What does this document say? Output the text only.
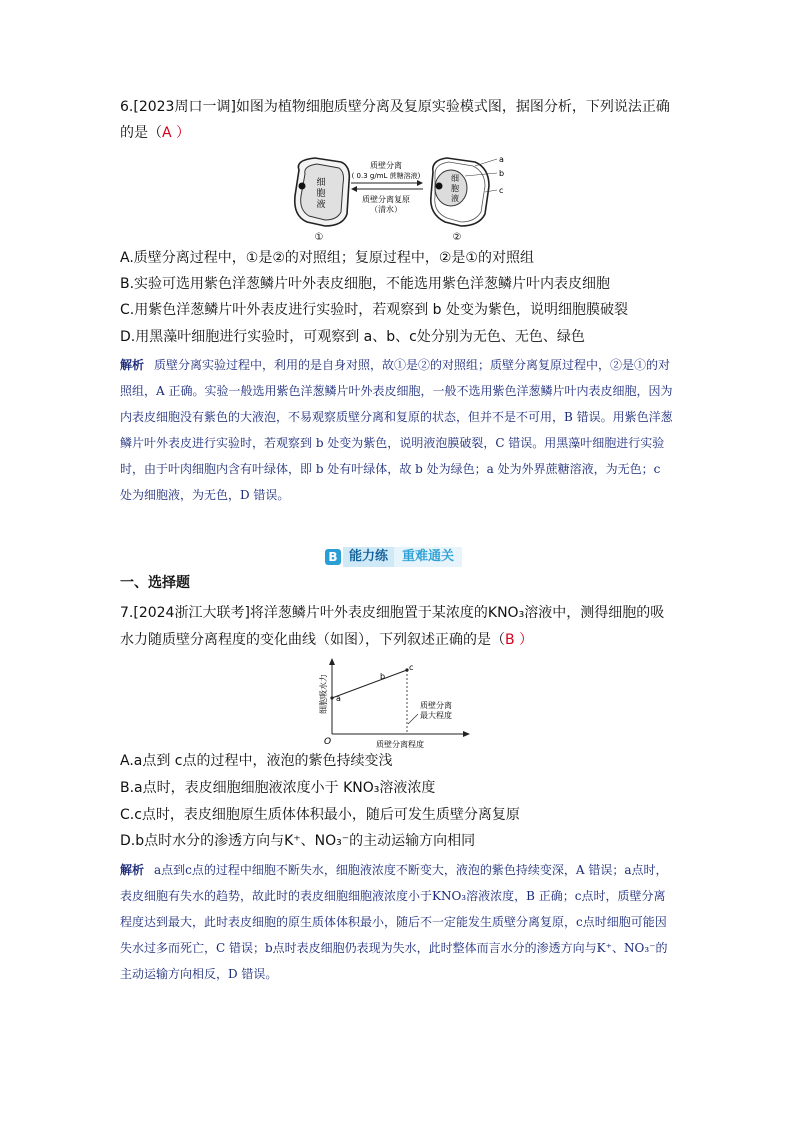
6.[2023周口一调]如图为植物细胞质壁分离及复原实验模式图，据图分析，下列说法正确
的是（A ）
细
胞
液
①
质壁分离
( 0.3 g/mL 蔗糖溶液)
质壁分离复原
（清水）
细
胞
液
a
b
c
②
A.质壁分离过程中，①是②的对照组；复原过程中，②是①的对照组
B.实验可选用紫色洋葱鳞片叶外表皮细胞，不能选用紫色洋葱鳞片叶内表皮细胞
C.用紫色洋葱鳞片叶外表皮进行实验时，若观察到 b 处变为紫色，说明细胞膜破裂
D.用黑藻叶细胞进行实验时，可观察到 a、b、c处分别为无色、无色、绿色
解析 质壁分离实验过程中，利用的是自身对照，故①是②的对照组；质壁分离复原过程中，②是①的对照组，A 正确。实验一般选用紫色洋葱鳞片叶外表皮细胞，一般不选用紫色洋葱鳞片叶内表皮细胞，因为内表皮细胞没有紫色的大液泡，不易观察质壁分离和复原的状态，但并不是不可用，B 错误。用紫色洋葱鳞片叶外表皮进行实验时，若观察到 b 处变为紫色，说明液泡膜破裂，C 错误。用黑藻叶细胞进行实验时，由于叶肉细胞内含有叶绿体，即 b 处有叶绿体，故 b 处为绿色；a 处为外界蔗糖溶液，为无色；c 处为细胞液，为无色，D 错误。
B 能力练	重难通关
一、选择题
7.[2024浙江大联考]将洋葱鳞片叶外表皮细胞置于某浓度的KNO₃溶液中，测得细胞的吸
水力随质壁分离程度的变化曲线（如图），下列叙述正确的是（B ）
细胞吸水力
质壁分离程度
O
a
b
c
质壁分离
最大程度
A.a点到 c点的过程中，液泡的紫色持续变浅
B.a点时，表皮细胞细胞液浓度小于 KNO₃溶液浓度
C.c点时，表皮细胞原生质体体积最小，随后可发生质壁分离复原
D.b点时水分的渗透方向与K⁺、NO₃⁻的主动运输方向相同
解析 a点到c点的过程中细胞不断失水，细胞液浓度不断变大，液泡的紫色持续变深，A 错误；a点时，表皮细胞有失水的趋势，故此时的表皮细胞细胞液浓度小于KNO₃溶液浓度，B 正确；c点时，质壁分离程度达到最大，此时表皮细胞的原生质体体积最小，随后不一定能发生质壁分离复原，c点时细胞可能因失水过多而死亡，C 错误；b点时表皮细胞仍表现为失水，此时整体而言水分的渗透方向与K⁺、NO₃⁻的主动运输方向相反，D 错误。
